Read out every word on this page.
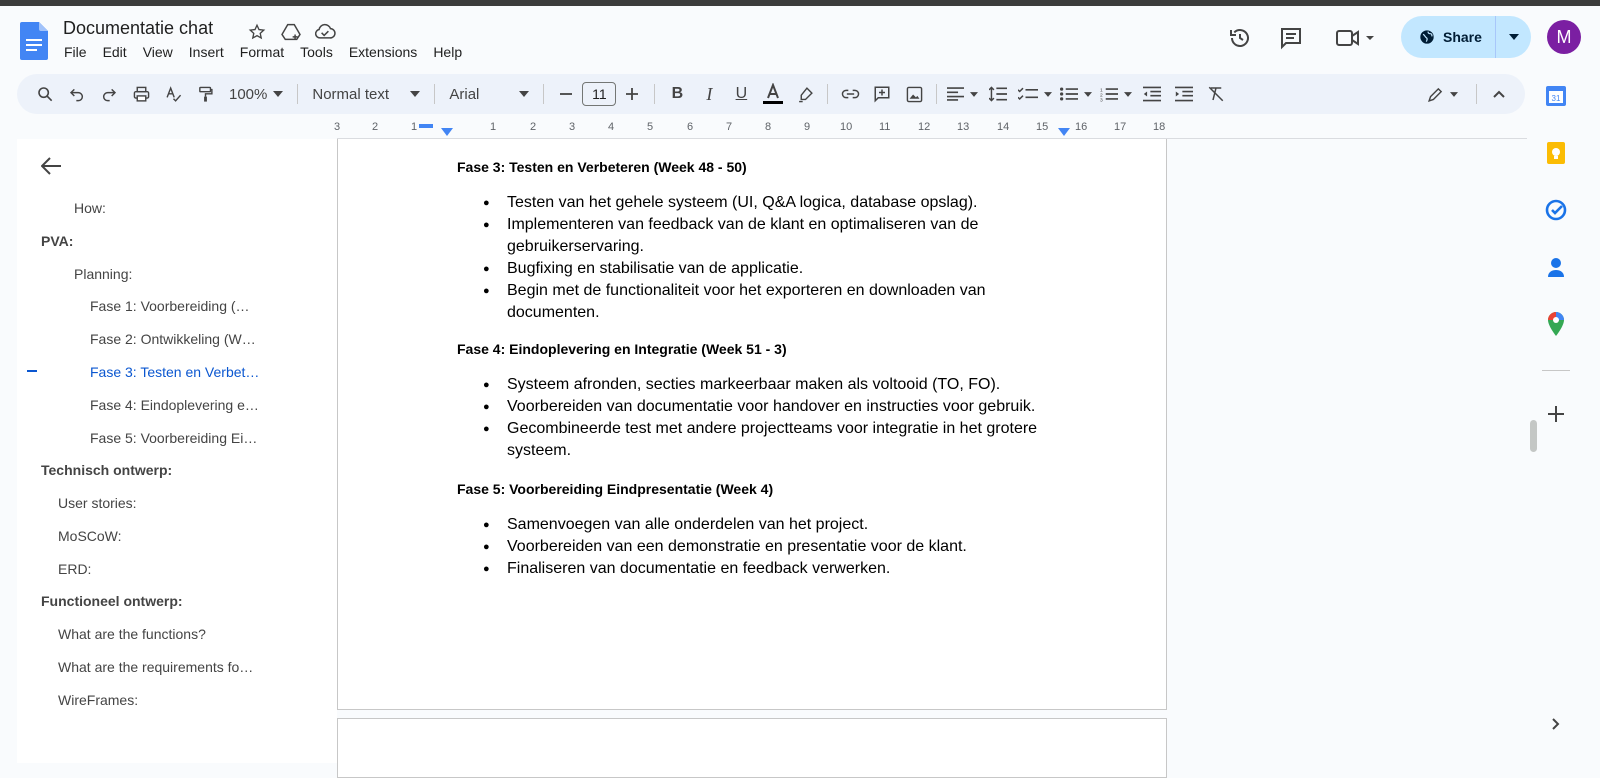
Documentatie chat
File	Edit	View	Insert	Format	Tools	Extensions	Help
Share	M
100%	Normal text	Arial	11	B I U	1
2
3
3	2	1	1	2	3	4	5	6	7	8	9	10 11	12 13	14 15 16 17 18
How:
PVA:
Planning:
Fase 1: Voorbereiding (…
Fase 2: Ontwikkeling (W…
Fase 3: Testen en Verbet…
Fase 4: Eindoplevering e…
Fase 5: Voorbereiding Ei…
Technisch ontwerp:
User stories:
MoSCoW:
ERD:
Functioneel ontwerp:
What are the functions?
What are the requirements fo…
WireFrames:
Fase 3: Testen en Verbeteren (Week 48 - 50)
● Testen van het gehele systeem (UI, Q&A logica, database opslag).
● Implementeren van feedback van de klant en optimaliseren van de gebruikerservaring.
● Bugfixing en stabilisatie van de applicatie.
● Begin met de functionaliteit voor het exporteren en downloaden van documenten.
Fase 4: Eindoplevering en Integratie (Week 51 - 3)
● Systeem afronden, secties markeerbaar maken als voltooid (TO, FO).
● Voorbereiden van documentatie voor handover en instructies voor gebruik.
● Gecombineerde test met andere projectteams voor integratie in het grotere systeem.
Fase 5: Voorbereiding Eindpresentatie (Week 4)
● Samenvoegen van alle onderdelen van het project.
● Voorbereiden van een demonstratie en presentatie voor de klant.
● Finaliseren van documentatie en feedback verwerken.
31
